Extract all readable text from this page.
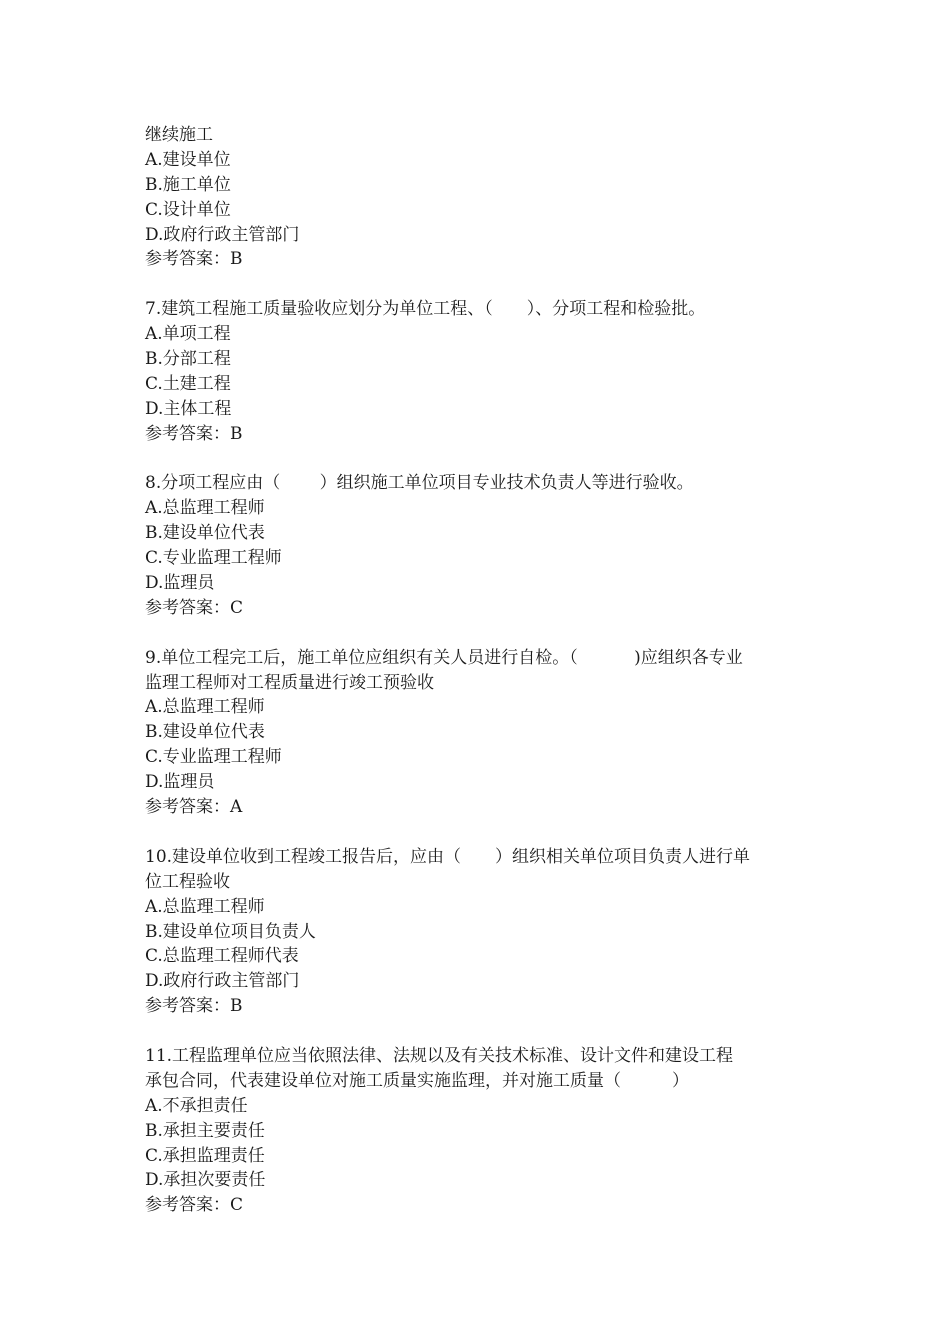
继续施工
A.建设单位
B.施工单位
C.设计单位
D.政府行政主管部门
参考答案：B
7.建筑工程施工质量验收应划分为单位工程、（　　）、分项工程和检验批。
A.单项工程
B.分部工程
C.土建工程
D.主体工程
参考答案：B
8.分项工程应由（　　 ）组织施工单位项目专业技术负责人等进行验收。
A.总监理工程师
B.建设单位代表
C.专业监理工程师
D.监理员
参考答案：C
9.单位工程完工后，施工单位应组织有关人员进行自检。（　　 　)应组织各专业
监理工程师对工程质量进行竣工预验收
A.总监理工程师
B.建设单位代表
C.专业监理工程师
D.监理员
参考答案：A
10.建设单位收到工程竣工报告后，应由（　　）组织相关单位项目负责人进行单
位工程验收
A.总监理工程师
B.建设单位项目负责人
C.总监理工程师代表
D.政府行政主管部门
参考答案：B
11.工程监理单位应当依照法律、法规以及有关技术标准、设计文件和建设工程
承包合同，代表建设单位对施工质量实施监理，并对施工质量（　　　）
A.不承担责任
B.承担主要责任
C.承担监理责任
D.承担次要责任
参考答案：C
